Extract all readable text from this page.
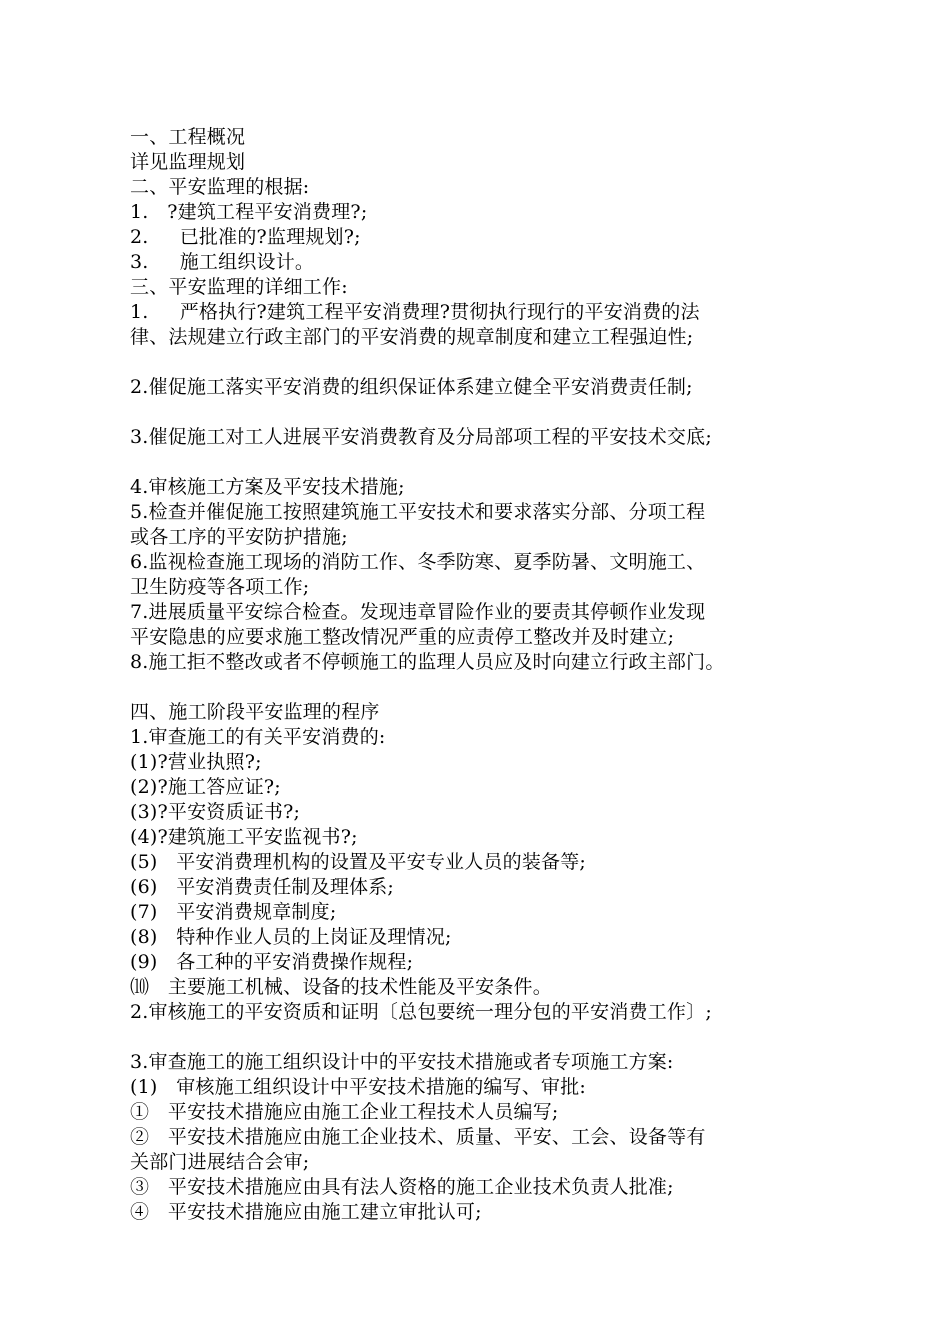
一、工程概况
详见监理规划
二、平安监理的根据:
1.   ?建筑工程平安消费理?;
2.     已批准的?监理规划?;
3.     施工组织设计。
三、平安监理的详细工作:
1.     严格执行?建筑工程平安消费理?贯彻执行现行的平安消费的法
律、法规建立行政主部门的平安消费的规章制度和建立工程强迫性;
2.催促施工落实平安消费的组织保证体系建立健全平安消费责任制;
3.催促施工对工人进展平安消费教育及分局部项工程的平安技术交底;
4.审核施工方案及平安技术措施;
5.检查并催促施工按照建筑施工平安技术和要求落实分部、分项工程
或各工序的平安防护措施;
6.监视检查施工现场的消防工作、冬季防寒、夏季防暑、文明施工、
卫生防疫等各项工作;
7.进展质量平安综合检查。发现违章冒险作业的要责其停顿作业发现
平安隐患的应要求施工整改情况严重的应责停工整改并及时建立;
8.施工拒不整改或者不停顿施工的监理人员应及时向建立行政主部门。
四、施工阶段平安监理的程序
1.审查施工的有关平安消费的:
(1)?营业执照?;
(2)?施工答应证?;
(3)?平安资质证书?;
(4)?建筑施工平安监视书?;
(5)   平安消费理机构的设置及平安专业人员的装备等;
(6)   平安消费责任制及理体系;
(7)   平安消费规章制度;
(8)   特种作业人员的上岗证及理情况;
(9)   各工种的平安消费操作规程;
⑽   主要施工机械、设备的技术性能及平安条件。
2.审核施工的平安资质和证明〔总包要统一理分包的平安消费工作〕;
3.审查施工的施工组织设计中的平安技术措施或者专项施工方案:
(1)   审核施工组织设计中平安技术措施的编写、审批:
①   平安技术措施应由施工企业工程技术人员编写;
②   平安技术措施应由施工企业技术、质量、平安、工会、设备等有
关部门进展结合会审;
③   平安技术措施应由具有法人资格的施工企业技术负责人批准;
④   平安技术措施应由施工建立审批认可;
